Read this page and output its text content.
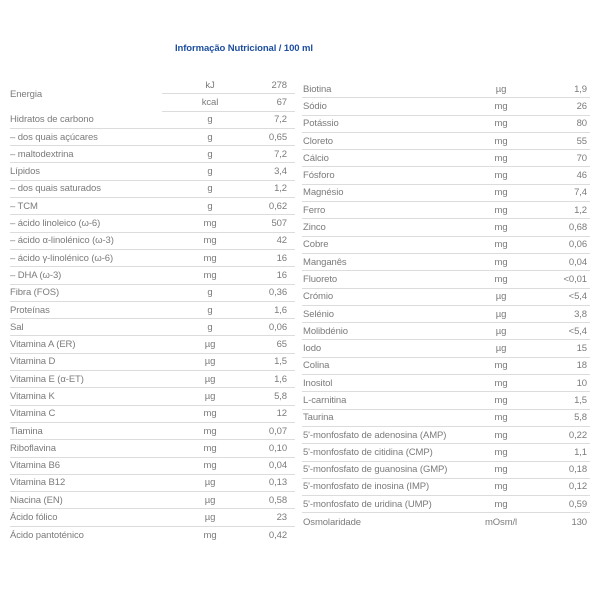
Informação Nutricional / 100 ml
Energia
kJ	278
kcal	67
Hidratos de carbono	g	7,2
– dos quais açúcares	g	0,65
– maltodextrina	g	7,2
Lípidos	g	3,4
– dos quais saturados	g	1,2
– TCM	g	0,62
– ácido linoleico (ω-6)	mg	507
– ácido α-linolénico (ω-3)	mg	42
– ácido γ-linolénico (ω-6)	mg	16
– DHA (ω-3)	mg	16
Fibra (FOS)	g	0,36
Proteínas	g	1,6
Sal	g	0,06
Vitamina A (ER)	µg	65
Vitamina D	µg	1,5
Vitamina E (α-ET)	µg	1,6
Vitamina K	µg	5,8
Vitamina C	mg	12
Tiamina	mg	0,07
Riboflavina	mg	0,10
Vitamina B6	mg	0,04
Vitamina B12	µg	0,13
Niacina (EN)	µg	0,58
Ácido fólico	µg	23
Ácido pantoténico	mg	0,42
Biotina	µg	1,9
Sódio	mg	26
Potássio	mg	80
Cloreto	mg	55
Cálcio	mg	70
Fósforo	mg	46
Magnésio	mg	7,4
Ferro	mg	1,2
Zinco	mg	0,68
Cobre	mg	0,06
Manganês	mg	0,04
Fluoreto	mg	<0,01
Crómio	µg	<5,4
Selénio	µg	3,8
Molibdénio	µg	<5,4
Iodo	µg	15
Colina	mg	18
Inositol	mg	10
L-carnitina	mg	1,5
Taurina	mg	5,8
5'-monfosfato de adenosina (AMP)	mg	0,22
5'-monfosfato de citidina (CMP)	mg	1,1
5'-monfosfato de guanosina (GMP)	mg	0,18
5'-monfosfato de inosina (IMP)	mg	0,12
5'-monfosfato de uridina (UMP)	mg	0,59
Osmolaridade	mOsm/l	130
